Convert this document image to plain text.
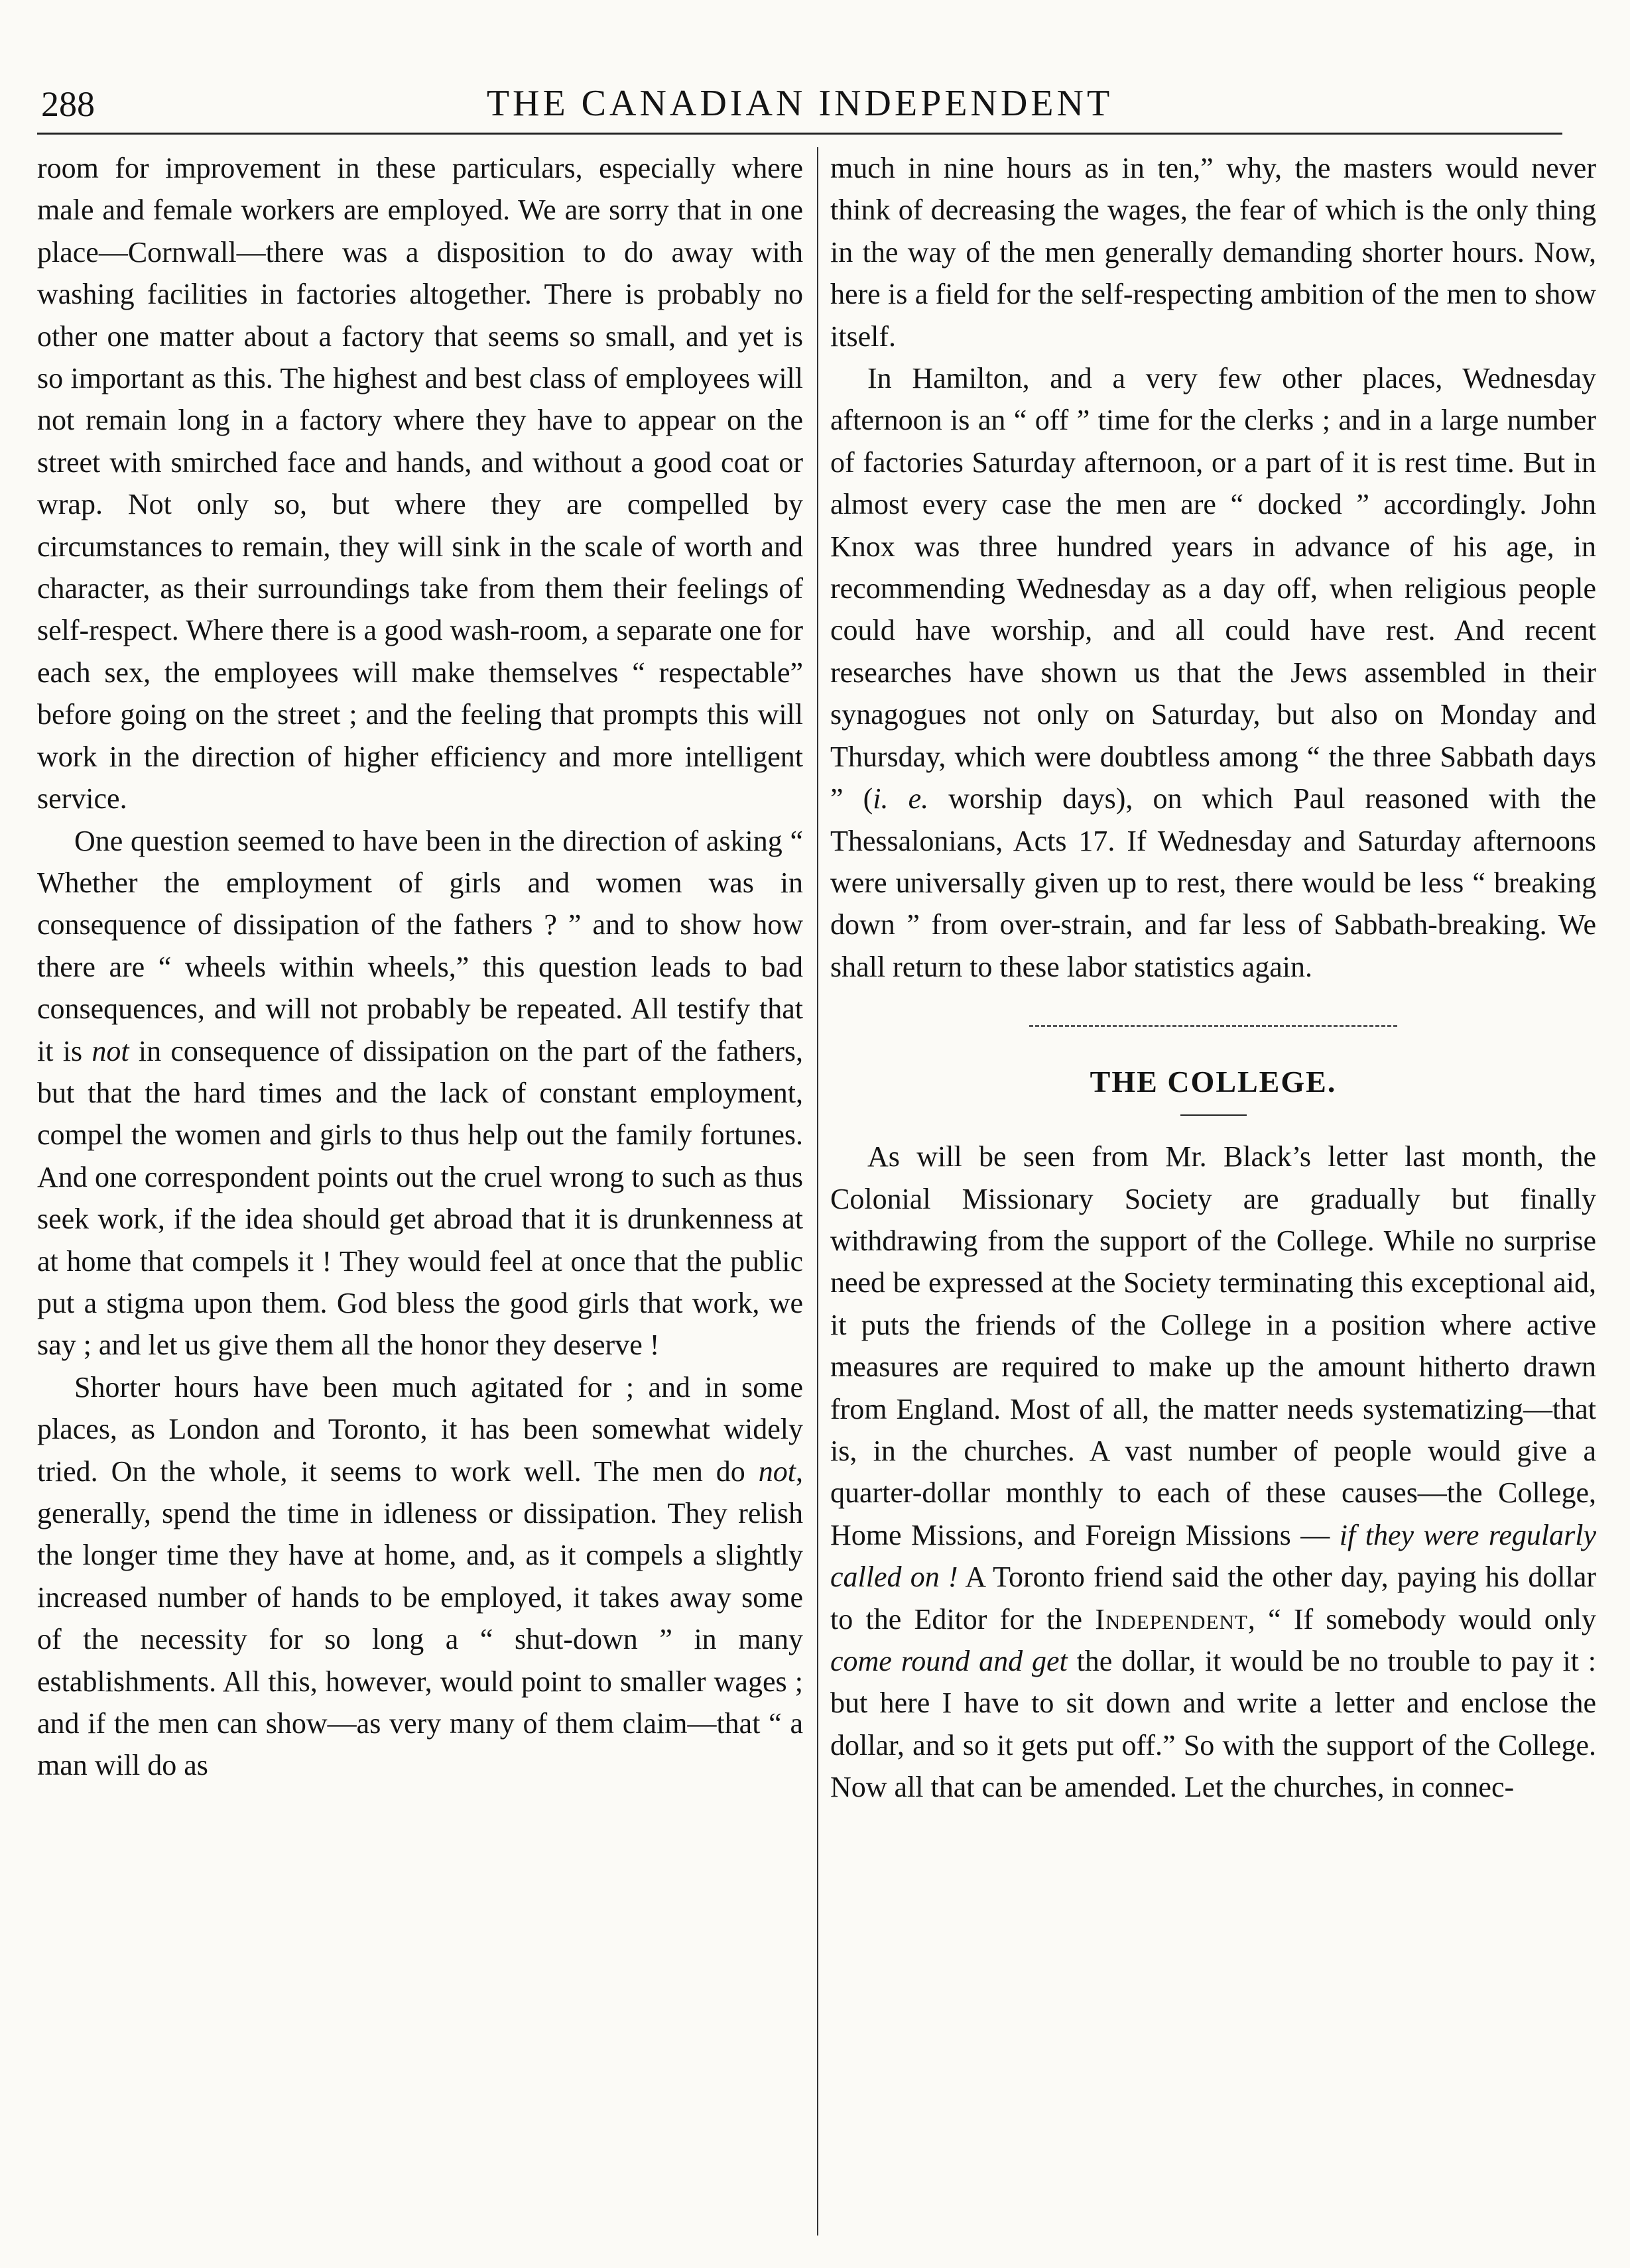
288	THE CANADIAN INDEPENDENT

room for improvement in these particulars, especially where male and female workers are employed. We are sorry that in one place—Cornwall—there was a disposition to do away with washing facilities in factories altogether. There is probably no other one matter about a factory that seems so small, and yet is so important as this. The highest and best class of employees will not remain long in a factory where they have to appear on the street with smirched face and hands, and without a good coat or wrap. Not only so, but where they are compelled by circumstances to remain, they will sink in the scale of worth and character, as their surroundings take from them their feelings of self-respect. Where there is a good wash-room, a separate one for each sex, the employees will make themselves “ respectable” before going on the street ; and the feeling that prompts this will work in the direction of higher efficiency and more intelligent service.

One question seemed to have been in the direction of asking “ Whether the employment of girls and women was in consequence of dissipation of the fathers ? ” and to show how there are “ wheels within wheels,” this question leads to bad consequences, and will not probably be repeated. All testify that it is not in consequence of dissipation on the part of the fathers, but that the hard times and the lack of constant employment, compel the women and girls to thus help out the family fortunes. And one correspondent points out the cruel wrong to such as thus seek work, if the idea should get abroad that it is drunkenness at at home that compels it ! They would feel at once that the public put a stigma upon them. God bless the good girls that work, we say ; and let us give them all the honor they deserve !

Shorter hours have been much agitated for ; and in some places, as London and Toronto, it has been somewhat widely tried. On the whole, it seems to work well. The men do not, generally, spend the time in idleness or dissipation. They relish the longer time they have at home, and, as it compels a slightly increased number of hands to be employed, it takes away some of the necessity for so long a “ shut-down ” in many establishments. All this, however, would point to smaller wages ; and if the men can show—as very many of them claim—that “ a man will do as

much in nine hours as in ten,” why, the masters would never think of decreasing the wages, the fear of which is the only thing in the way of the men generally demanding shorter hours. Now, here is a field for the self-respecting ambition of the men to show itself.

In Hamilton, and a very few other places, Wednesday afternoon is an “ off ” time for the clerks ; and in a large number of factories Saturday afternoon, or a part of it is rest time. But in almost every case the men are “ docked ” accordingly. John Knox was three hundred years in advance of his age, in recommending Wednesday as a day off, when religious people could have worship, and all could have rest. And recent researches have shown us that the Jews assembled in their synagogues not only on Saturday, but also on Monday and Thursday, which were doubtless among “ the three Sabbath days ” (i. e. worship days), on which Paul reasoned with the Thessalonians, Acts 17. If Wednesday and Saturday afternoons were universally given up to rest, there would be less “ breaking down ” from over-strain, and far less of Sabbath-breaking. We shall return to these labor statistics again.

THE COLLEGE.

As will be seen from Mr. Black’s letter last month, the Colonial Missionary Society are gradually but finally withdrawing from the support of the College. While no surprise need be expressed at the Society terminating this exceptional aid, it puts the friends of the College in a position where active measures are required to make up the amount hitherto drawn from England. Most of all, the matter needs systematizing—that is, in the churches. A vast number of people would give a quarter-dollar monthly to each of these causes—the College, Home Missions, and Foreign Missions — if they were regularly called on ! A Toronto friend said the other day, paying his dollar to the Editor for the Independent, “ If somebody would only come round and get the dollar, it would be no trouble to pay it : but here I have to sit down and write a letter and enclose the dollar, and so it gets put off.” So with the support of the College. Now all that can be amended. Let the churches, in connec-
